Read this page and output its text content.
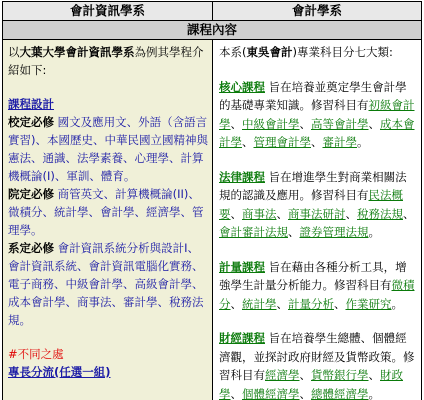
會計資訊學系	會計學系
課程內容
以大葉大學會計資訊學系為例其學程介紹如下:
課程設計
校定必修 國文及應用文、外語（含語言實習)、本國歷史、中華民國立國精神與憲法、通識、法學素養、心理學、計算機概論(I)、軍訓、體育。
院定必修 商管英文、計算機概論(II)、微積分、統計學、會計學、經濟學、管理學。
系定必修 會計資訊系統分析與設計I、會計資訊系統、會計資訊電腦化實務、電子商務、中級會計學、高級會計學、成本會計學、商事法、審計學、稅務法規。
#不同之處
專長分流(任選一組)
本系(東吳會計)專業科目分七大類:
核心課程 旨在培養並奠定學生會計學的基礎專業知識。修習科目有初級會計學、中級會計學、高等會計學、成本會計學、管理會計學、審計學。
法律課程 旨在增進學生對商業相關法規的認識及應用。修習科目有民法概要、商事法、商事法研討、稅務法規、會計審計法規、證券管理法規。
計量課程 旨在藉由各種分析工具，增強學生計量分析能力。修習科目有微積分、統計學、計量分析、作業研究。
財經課程 旨在培養學生總體、個體經濟觀，並探討政府財經及貨幣政策。修習科目有經濟學、貨幣銀行學、財政學、個體經濟學、總體經濟學。
